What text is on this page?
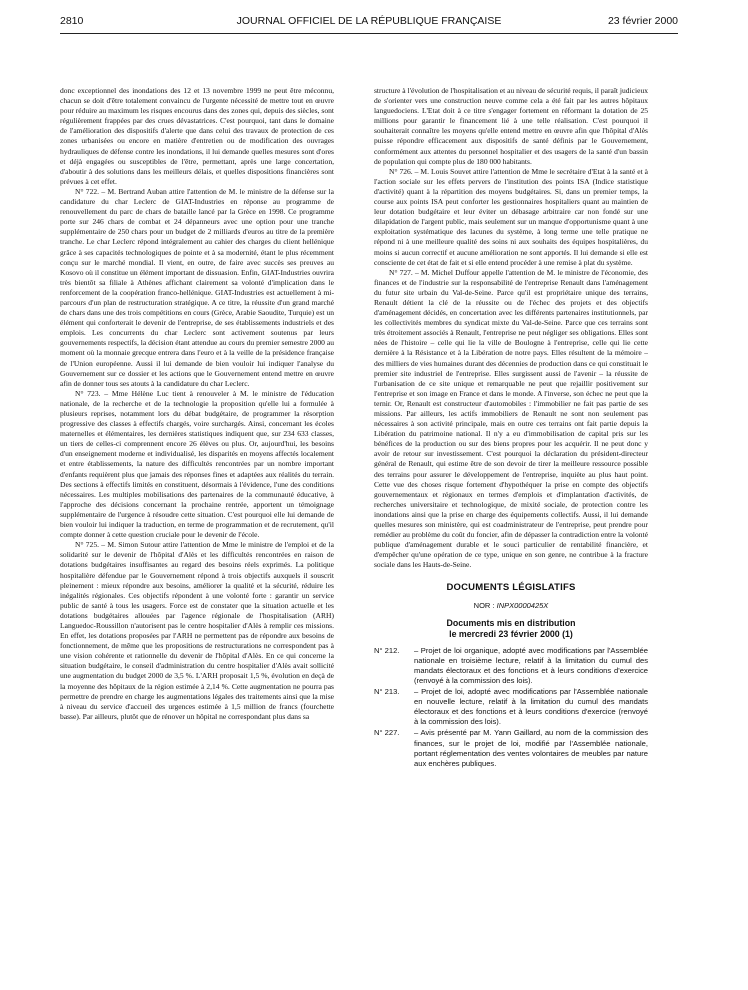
2810	JOURNAL OFFICIEL DE LA RÉPUBLIQUE FRANÇAISE	23 février 2000

donc exceptionnel des inondations des 12 et 13 novembre 1999 ne peut être méconnu, chacun se doit d'être totalement convaincu de l'urgente nécessité de mettre tout en œuvre pour réduire au maximum les risques encourus dans des zones qui, depuis des siècles, sont régulièrement frappées par des crues dévastatrices. C'est pourquoi, tant dans le domaine de l'amélioration des dispositifs d'alerte que dans celui des travaux de protection de ces zones urbanisées ou encore en matière d'entretien ou de modification des ouvrages hydrauliques de défense contre les inondations, il lui demande quelles mesures sont d'ores et déjà engagées ou susceptibles de l'être, permettant, après une large concertation, d'aboutir à des solutions dans les meilleurs délais, et quelles dispositions financières sont prévues à cet effet.

N° 722. – M. Bertrand Auban attire l'attention de M. le ministre de la défense sur la candidature du char Leclerc de GIAT-Industries en réponse au programme de renouvellement du parc de chars de bataille lancé par la Grèce en 1998. Ce programme porte sur 246 chars de combat et 24 dépanneurs avec une option pour une tranche supplémentaire de 250 chars pour un budget de 2 milliards d'euros au titre de la première tranche. Le char Leclerc répond intégralement au cahier des charges du client hellénique grâce à ses capacités technologiques de pointe et à sa modernité, étant le plus récemment conçu sur le marché mondial. Il vient, en outre, de faire avec succès ses preuves au Kosovo où il constitue un élément important de dissuasion. Enfin, GIAT-Industries ouvrira très bientôt sa filiale à Athènes affichant clairement sa volonté d'implication dans le renforcement de la coopération franco-hellénique. GIAT-Industries est actuellement à mi-parcours d'un plan de restructuration stratégique. A ce titre, la réussite d'un grand marché de chars dans une des trois compétitions en cours (Grèce, Arabie Saoudite, Turquie) est un élément qui conforterait le devenir de l'entreprise, de ses établissements industriels et des emplois. Les concurrents du char Leclerc sont activement soutenus par leurs gouvernements respectifs, la décision étant attendue au cours du premier semestre 2000 au moment où la monnaie grecque entrera dans l'euro et à la veille de la présidence française de l'Union européenne. Aussi il lui demande de bien vouloir lui indiquer l'analyse du Gouvernement sur ce dossier et les actions que le Gouvernement entend mettre en œuvre afin de donner tous ses atouts à la candidature du char Leclerc.

N° 723. – Mme Hélène Luc tient à renouveler à M. le ministre de l'éducation nationale, de la recherche et de la technologie la proposition qu'elle lui a formulée à plusieurs reprises, notamment lors du débat budgétaire, de programmer la résorption progressive des classes à effectifs chargés, voire surchargés. Ainsi, concernant les écoles maternelles et élémentaires, les dernières statistiques indiquent que, sur 234 633 classes, un tiers de celles-ci comprennent encore 26 élèves ou plus. Or, aujourd'hui, les besoins d'un enseignement moderne et individualisé, les disparités en moyens affectés localement et entre établissements, la nature des difficultés rencontrées par un nombre important d'enfants requièrent plus que jamais des réponses fines et adaptées aux réalités du terrain. Des sections à effectifs limités en constituent, désormais à l'évidence, l'une des conditions nécessaires. Les multiples mobilisations des partenaires de la communauté éducative, à l'approche des décisions concernant la prochaine rentrée, apportent un témoignage supplémentaire de l'urgence à résoudre cette situation. C'est pourquoi elle lui demande de bien vouloir lui indiquer la traduction, en terme de programmation et de recrutement, qu'il compte donner à cette question cruciale pour le devenir de l'école.

N° 725. – M. Simon Sutour attire l'attention de Mme le ministre de l'emploi et de la solidarité sur le devenir de l'hôpital d'Alès et les difficultés rencontrées en raison de dotations budgétaires insuffisantes au regard des besoins réels exprimés. La politique hospitalière défendue par le Gouvernement répond à trois objectifs auxquels il souscrit pleinement : mieux répondre aux besoins, améliorer la qualité et la sécurité, réduire les inégalités régionales. Ces objectifs répondent à une volonté forte : garantir un service public de santé à tous les usagers. Force est de constater que la situation actuelle et les dotations budgétaires allouées par l'agence régionale de l'hospitalisation (ARH) Languedoc-Roussillon n'autorisent pas le centre hospitalier d'Alès à remplir ces missions. En effet, les dotations proposées par l'ARH ne permettent pas de répondre aux besoins de fonctionnement, de même que les propositions de restructurations ne correspondent pas à une vision cohérente et rationnelle du devenir de l'hôpital d'Alès. En ce qui concerne la situation budgétaire, le conseil d'administration du centre hospitalier d'Alès avait sollicité une augmentation du budget 2000 de 3,5 %. L'ARH proposait 1,5 %, évolution en deçà de la moyenne des hôpitaux de la région estimée à 2,14 %. Cette augmentation ne pourra pas permettre de prendre en charge les augmentations légales des traitements ainsi que la mise à niveau du service d'accueil des urgences estimée à 1,5 million de francs (fourchette basse). Par ailleurs, plutôt que de rénover un hôpital ne correspondant plus dans sa

structure à l'évolution de l'hospitalisation et au niveau de sécurité requis, il paraît judicieux de s'orienter vers une construction neuve comme cela a été fait par les autres hôpitaux languedociens. L'Etat doit à ce titre s'engager fortement en réformant la dotation de 25 millions pour garantir le financement lié à une telle réalisation. C'est pourquoi il souhaiterait connaître les moyens qu'elle entend mettre en œuvre afin que l'hôpital d'Alès puisse répondre efficacement aux dispositifs de santé définis par le Gouvernement, conformément aux attentes du personnel hospitalier et des usagers de la santé d'un bassin de population qui compte plus de 180 000 habitants.

N° 726. – M. Louis Souvet attire l'attention de Mme le secrétaire d'Etat à la santé et à l'action sociale sur les effets pervers de l'institution des points ISA (Indice statistique d'activité) quant à la répartition des moyens budgétaires. Si, dans un premier temps, la course aux points ISA peut conforter les gestionnaires hospitaliers quant au maintien de leur dotation budgétaire et leur éviter un débasage arbitraire car non fondé sur une dilapidation de l'argent public, mais seulement sur un manque d'opportunisme quant à une exploitation systématique des lacunes du système, à long terme une telle pratique ne répond ni à une meilleure qualité des soins ni aux souhaits des équipes hospitalières, du moins si aucun correctif et aucune amélioration ne sont apportés. Il lui demande si elle est consciente de cet état de fait et si elle entend procéder à une remise à plat du système.

N° 727. – M. Michel Duffour appelle l'attention de M. le ministre de l'économie, des finances et de l'industrie sur la responsabilité de l'entreprise Renault dans l'aménagement du futur site urbain du Val-de-Seine. Parce qu'il est propriétaire unique des terrains, Renault détient la clé de la réussite ou de l'échec des projets et des objectifs d'aménagement décidés, en concertation avec les différents partenaires institutionnels, par les collectivités membres du syndicat mixte du Val-de-Seine. Parce que ces terrains sont très étroitement associés à Renault, l'entreprise ne peut négliger ses obligations. Elles sont nées de l'histoire – celle qui lie la ville de Boulogne à l'entreprise, celle qui lie cette dernière à la Résistance et à la Libération de notre pays. Elles résultent de la mémoire – des milliers de vies humaines durant des décennies de production dans ce qui constituait le premier site industriel de l'entreprise. Elles surgissent aussi de l'avenir – la réussite de l'urbanisation de ce site unique et remarquable ne peut que rejaillir positivement sur l'entreprise et son image en France et dans le monde. A l'inverse, son échec ne peut que la ternir. Or, Renault est constructeur d'automobiles : l'immobilier ne fait pas partie de ses missions. Par ailleurs, les actifs immobiliers de Renault ne sont non seulement pas nécessaires à son activité principale, mais en outre ces terrains ont fait partie depuis la Libération du patrimoine national. Il n'y a eu d'immobilisation de capital pris sur les bénéfices de la production ou sur des biens propres pour les acquérir. Il ne peut donc y avoir de retour sur investissement. C'est pourquoi la déclaration du président-directeur général de Renault, qui estime être de son devoir de tirer la meilleure ressource possible des terrains pour assurer le développement de l'entreprise, inquiète au plus haut point. Cette vue des choses risque fortement d'hypothéquer la prise en compte des objectifs gouvernementaux et régionaux en termes d'emplois et d'implantation d'activités, de recherches universitaire et technologique, de mixité sociale, de protection contre les inondations ainsi que la prise en charge des équipements collectifs. Aussi, il lui demande quelles mesures son ministère, qui est coadministrateur de l'entreprise, peut prendre pour remédier au problème du coût du foncier, afin de dépasser la contradiction entre la volonté publique d'aménagement durable et le souci particulier de rentabilité financière, et d'empêcher qu'une opération de ce type, unique en son genre, ne contribue à la fracture sociale dans les Hauts-de-Seine.

DOCUMENTS LÉGISLATIFS
NOR : INPX0000425X
Documents mis en distribution
le mercredi 23 février 2000 (1)
N° 212.	– Projet de loi organique, adopté avec modifications par l'Assemblée nationale en troisième lecture, relatif à la limitation du cumul des mandats électoraux et des fonctions et à leurs conditions d'exercice (renvoyé à la commission des lois).
N° 213.	– Projet de loi, adopté avec modifications par l'Assemblée nationale en nouvelle lecture, relatif à la limitation du cumul des mandats électoraux et des fonctions et à leurs conditions d'exercice (renvoyé à la commission des lois).
N° 227.	– Avis présenté par M. Yann Gaillard, au nom de la commission des finances, sur le projet de loi, modifié par l'Assemblée nationale, portant réglementation des ventes volontaires de meubles par nature aux enchères publiques.
